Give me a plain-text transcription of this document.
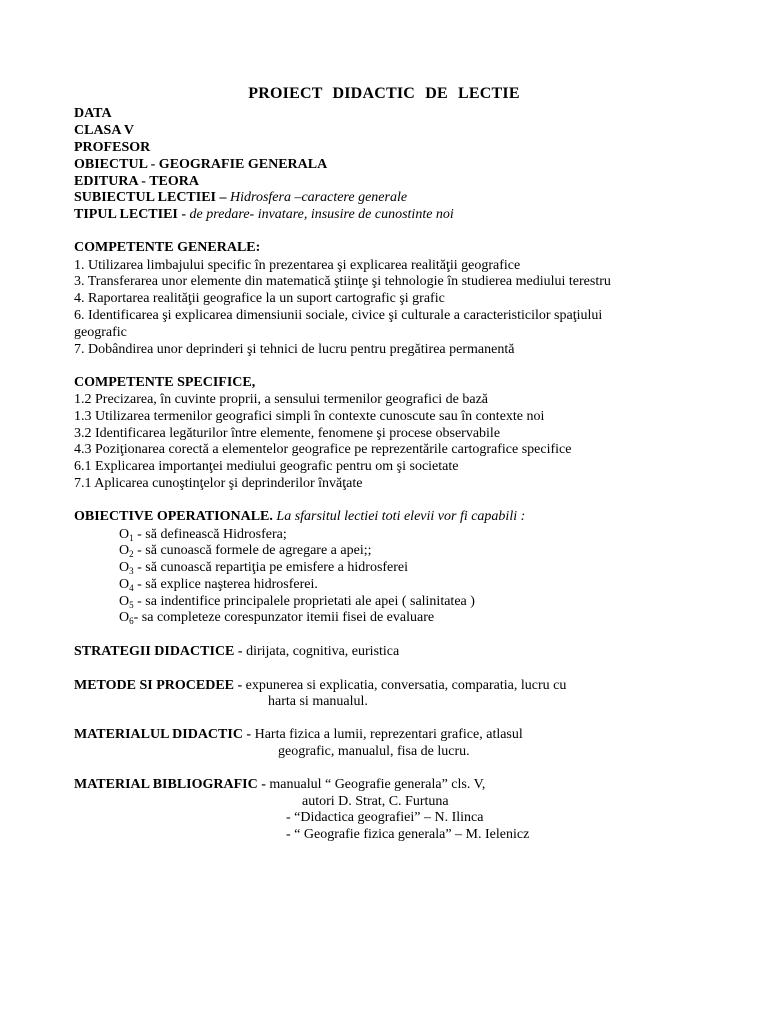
PROIECT DIDACTIC DE LECTIE
DATA
CLASA V
PROFESOR
OBIECTUL - GEOGRAFIE GENERALA
EDITURA - TEORA
SUBIECTUL LECTIEI – Hidrosfera –caractere generale
TIPUL LECTIEI - de predare- invatare, insusire de cunostinte noi
COMPETENTE GENERALE:
1. Utilizarea limbajului specific în prezentarea şi explicarea realităţii geografice
3. Transferarea unor elemente din matematică ştiinţe şi tehnologie în studierea mediului terestru
4. Raportarea realităţii geografice la un suport cartografic şi grafic
6. Identificarea şi explicarea dimensiunii sociale, civice şi culturale a caracteristicilor spaţiului
geografic
7. Dobândirea unor deprinderi şi tehnici de lucru pentru pregătirea permanentă
COMPETENTE SPECIFICE,
1.2 Precizarea, în cuvinte proprii, a sensului termenilor geografici de bază
1.3 Utilizarea termenilor geografici simpli în contexte cunoscute sau în contexte noi
3.2 Identificarea legăturilor între elemente, fenomene şi procese observabile
4.3 Poziţionarea corectă a elementelor geografice pe reprezentările cartografice specifice
6.1 Explicarea importanţei mediului geografic pentru om şi societate
7.1 Aplicarea cunoştinţelor şi deprinderilor învăţate
OBIECTIVE OPERATIONALE. La sfarsitul lectiei toti elevii vor fi capabili :
$O_1$ - să definească Hidrosfera;
$O_2$ - să cunoască formele de agregare a apei;;
$O_3$ - să cunoască repartiţia pe emisfere a hidrosferei
$O_4$ - să explice naşterea hidrosferei.
$O_5$ - sa indentifice principalele proprietati ale apei ( salinitatea )
$O_6-$ sa completeze corespunzator itemii fisei de evaluare
STRATEGII DIDACTICE - dirijata, cognitiva, euristica
METODE SI PROCEDEE - expunerea si explicatia, conversatia, comparatia, lucru cu
harta si manualul.
MATERIALUL DIDACTIC - Harta fizica a lumii, reprezentari grafice, atlasul
geografic, manualul, fisa de lucru.
MATERIAL BIBLIOGRAFIC - manualul “ Geografie generala” cls. V,
autori D. Strat, C. Furtuna
- “Didactica geografiei” – N. Ilinca
- “ Geografie fizica generala” – M. Ielenicz
